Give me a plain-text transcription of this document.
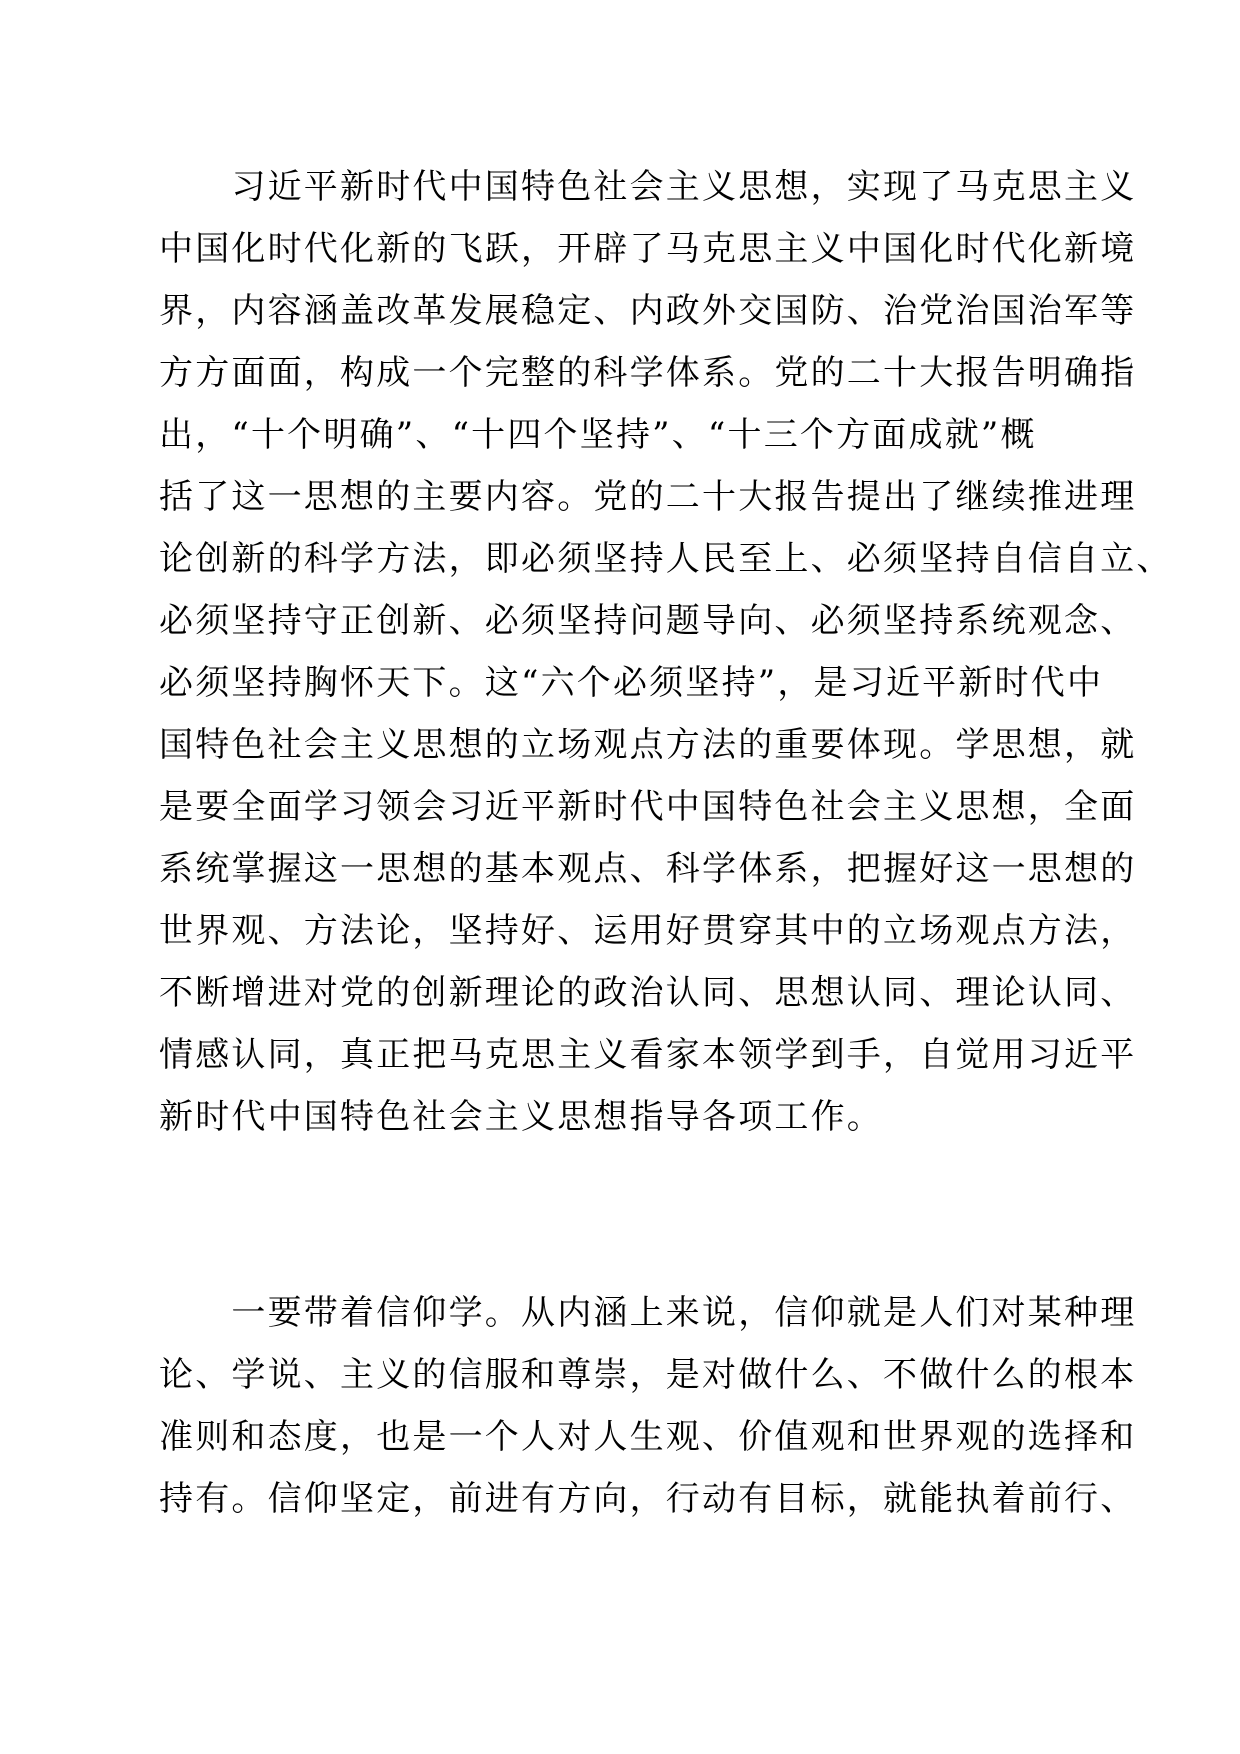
　　习近平新时代中国特色社会主义思想，实现了马克思主义
中国化时代化新的飞跃，开辟了马克思主义中国化时代化新境
界，内容涵盖改革发展稳定、内政外交国防、治党治国治军等
方方面面，构成一个完整的科学体系。党的二十大报告明确指
出，“十个明确”、“十四个坚持”、“十三个方面成就”概
括了这一思想的主要内容。党的二十大报告提出了继续推进理
论创新的科学方法，即必须坚持人民至上、必须坚持自信自立、
必须坚持守正创新、必须坚持问题导向、必须坚持系统观念、
必须坚持胸怀天下。这“六个必须坚持”，是习近平新时代中
国特色社会主义思想的立场观点方法的重要体现。学思想，就
是要全面学习领会习近平新时代中国特色社会主义思想，全面
系统掌握这一思想的基本观点、科学体系，把握好这一思想的
世界观、方法论，坚持好、运用好贯穿其中的立场观点方法，
不断增进对党的创新理论的政治认同、思想认同、理论认同、
情感认同，真正把马克思主义看家本领学到手，自觉用习近平
新时代中国特色社会主义思想指导各项工作。
　　一要带着信仰学。从内涵上来说，信仰就是人们对某种理
论、学说、主义的信服和尊崇，是对做什么、不做什么的根本
准则和态度，也是一个人对人生观、价值观和世界观的选择和
持有。信仰坚定，前进有方向，行动有目标，就能执着前行、
